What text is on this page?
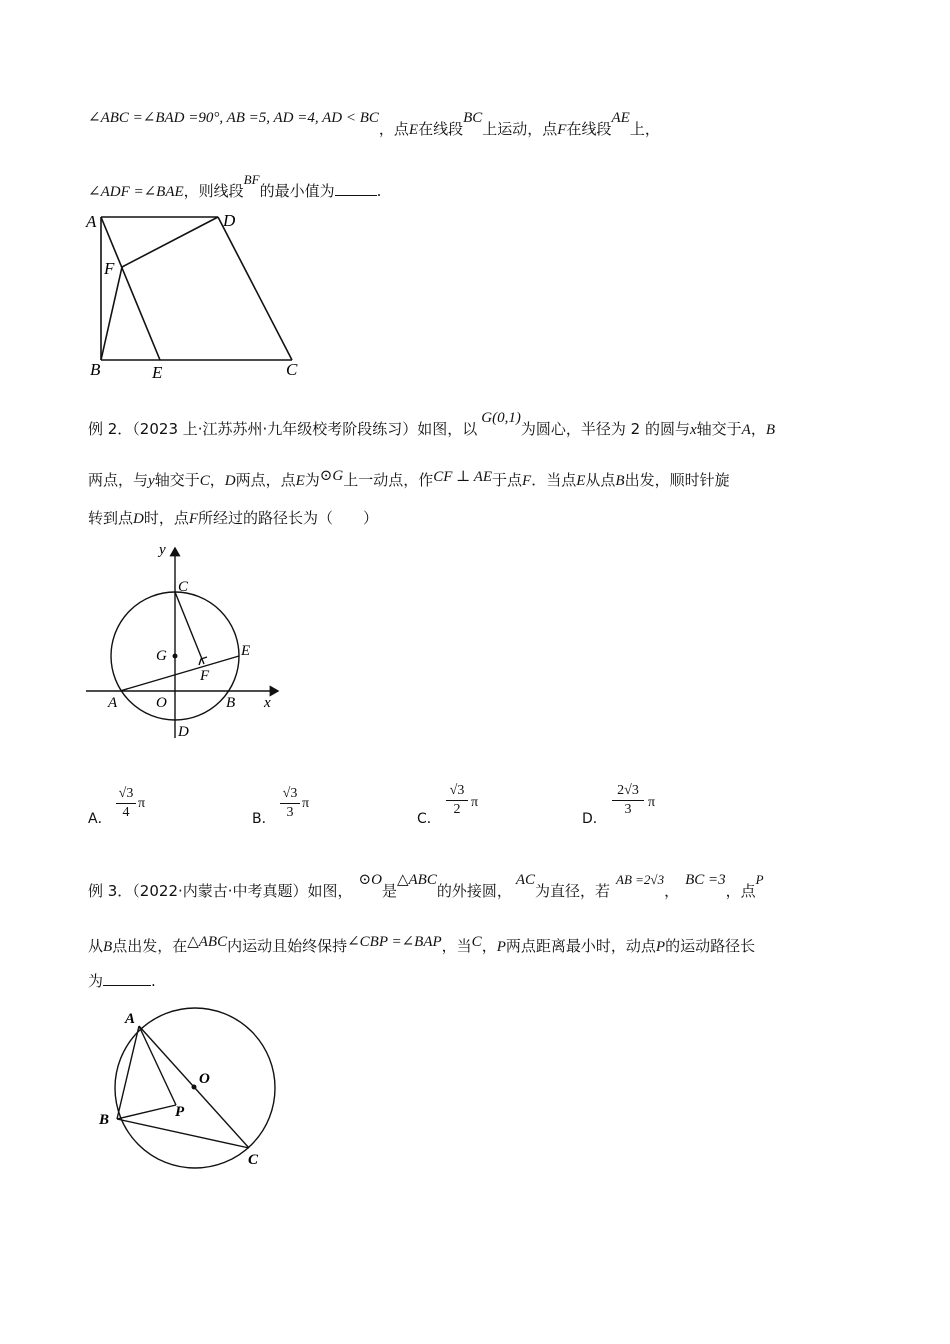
∠ABC =∠BAD =90°, AB =5, AD =4, AD < BC，点E在线段BC上运动，点F在线段AE上，
∠ADF =∠BAE，则线段BF的最小值为	.
A	D
F
B	E	C
例 2．（2023 上·江苏苏州·九年级校考阶段练习）如图，以G(0,1)为圆心，半径为 2 的圆与x轴交于A，B
两点，与y轴交于C，D两点，点E为⊙G上一动点，作CF ⊥ AE于点F．当点E从点B出发，顺时针旋
转到点D时，点F所经过的路径长为（　　）
y
C
G	E
F
A	O	B x
D
A．
√3
4
π
B．
√3
3
π
C．
√3
2 π
D．
2√3
3	π
例 3．（2022·内蒙古·中考真题）如图，⊙O是△ABC的外接圆，AC为直径，若AB =2√3，BC =3，点P
从B点出发，在△ABC内运动且始终保持∠CBP =∠BAP，当C，P两点距离最小时，动点P的运动路径长
为	.
A
O
B	P
C
